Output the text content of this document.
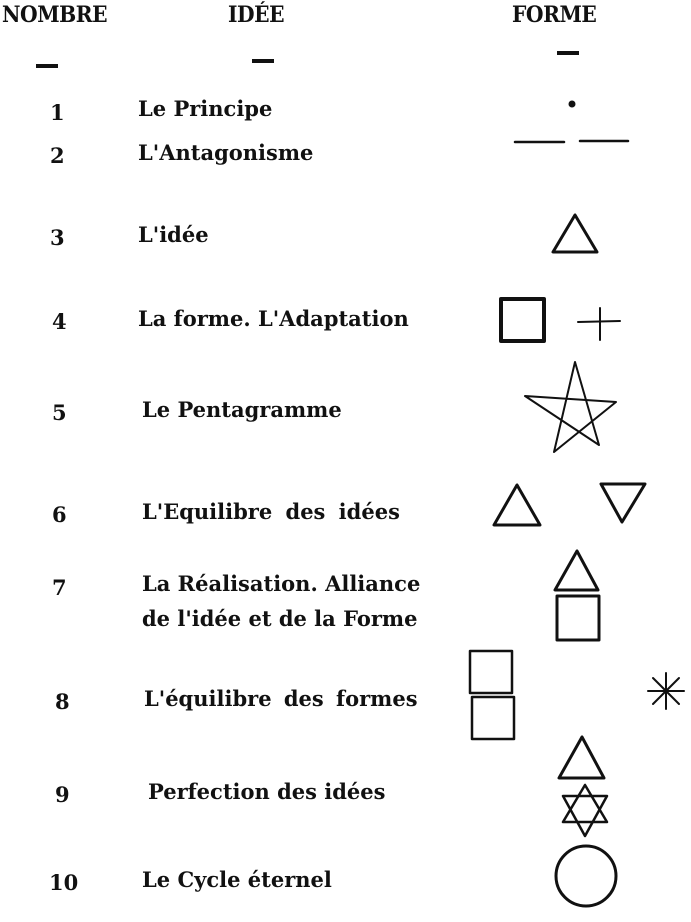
NOMBRE	IDÉE	FORME
1
2
3
4
5
6
7
8
9
10
Le Principe
L'Antagonisme
L'idée
La forme. L'Adaptation
Le Pentagramme
L'Equilibre des idées
La Réalisation. Alliance
de l'idée et de la Forme
L'équilibre des formes
Perfection des idées
Le Cycle éternel
